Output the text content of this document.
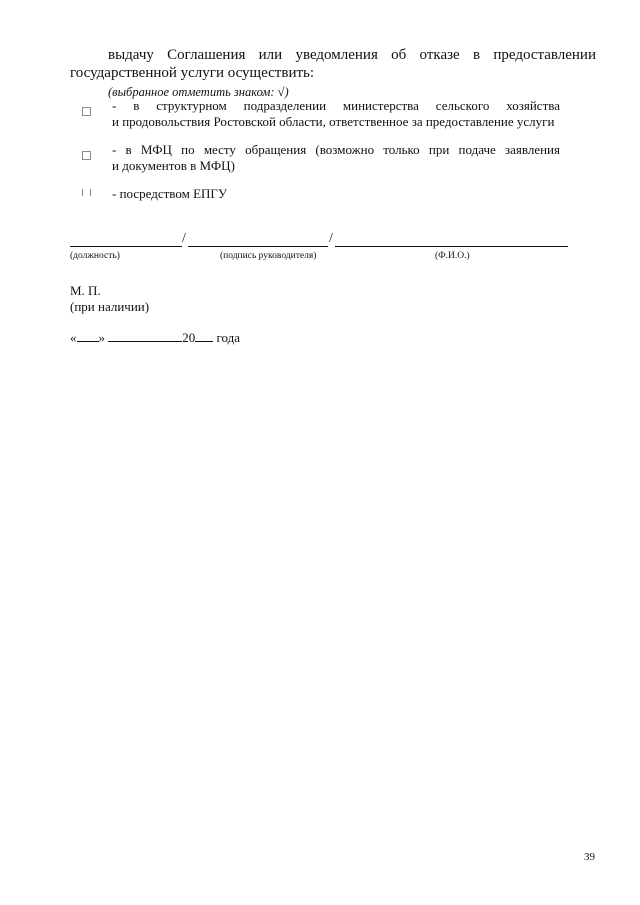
выдачу Соглашения или уведомления об отказе в предоставлении государственной услуги осуществить:
(выбранное отметить знаком: √)
- в структурном подразделении министерства сельского хозяйства
и продовольствия Ростовской области, ответственное за предоставление услуги
- в МФЦ по месту обращения (возможно только при подаче заявления
и документов в МФЦ)
- посредством ЕПГУ
/	/
(должность)	(подпись руководителя)	(Ф.И.О.)
М. П.
(при наличии)
« »	20 года
39
